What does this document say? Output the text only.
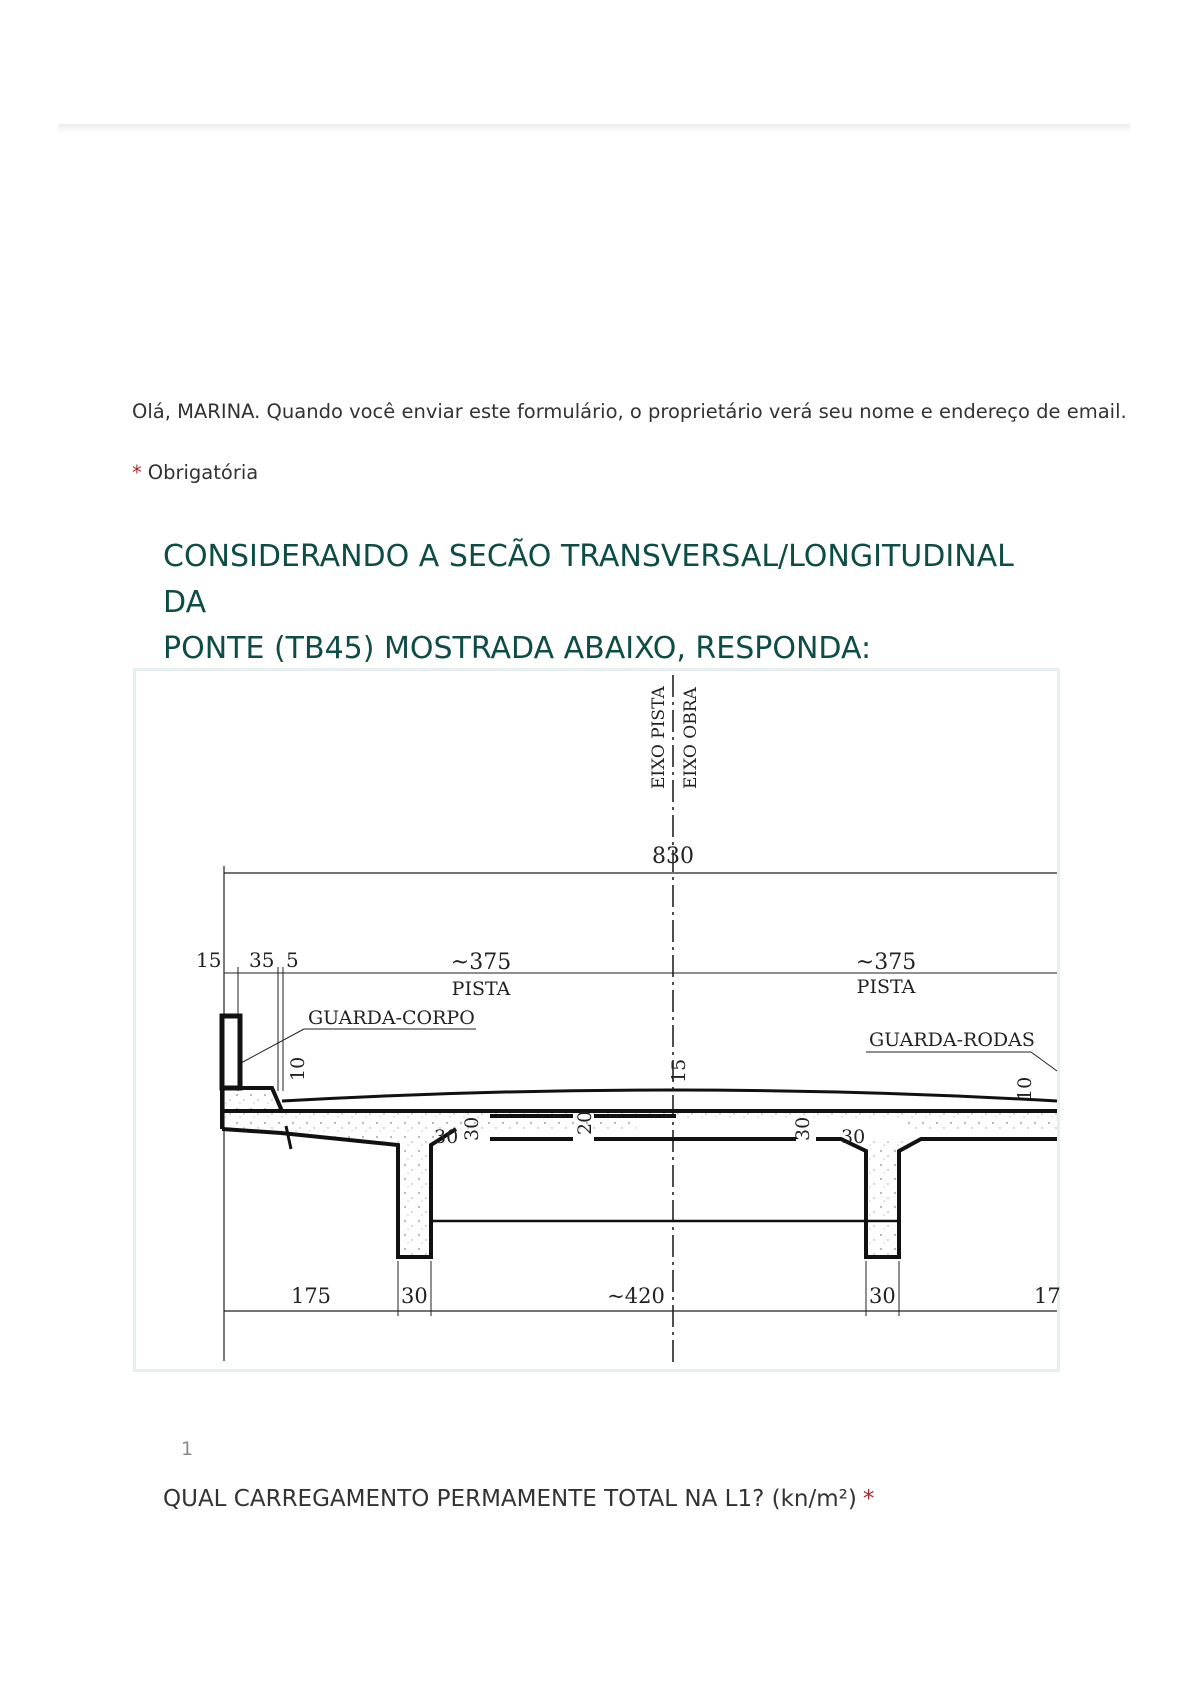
Olá, MARINA. Quando você enviar este formulário, o proprietário verá seu nome e endereço de email.
* Obrigatória
CONSIDERANDO A SECÃO TRANSVERSAL/LONGITUDINAL DA
PONTE (TB45) MOSTRADA ABAIXO, RESPONDA:
EIXO PISTA EIXO OBRA
830
15 35 5	~375
PISTA
~375
PISTA
GUARDA-CORPO
GUARDA-RODAS
10	15
10
30
30
20	30 30
175	30	~420	30	17
1
QUAL CARREGAMENTO PERMAMENTE TOTAL NA L1? (kn/m²) *
